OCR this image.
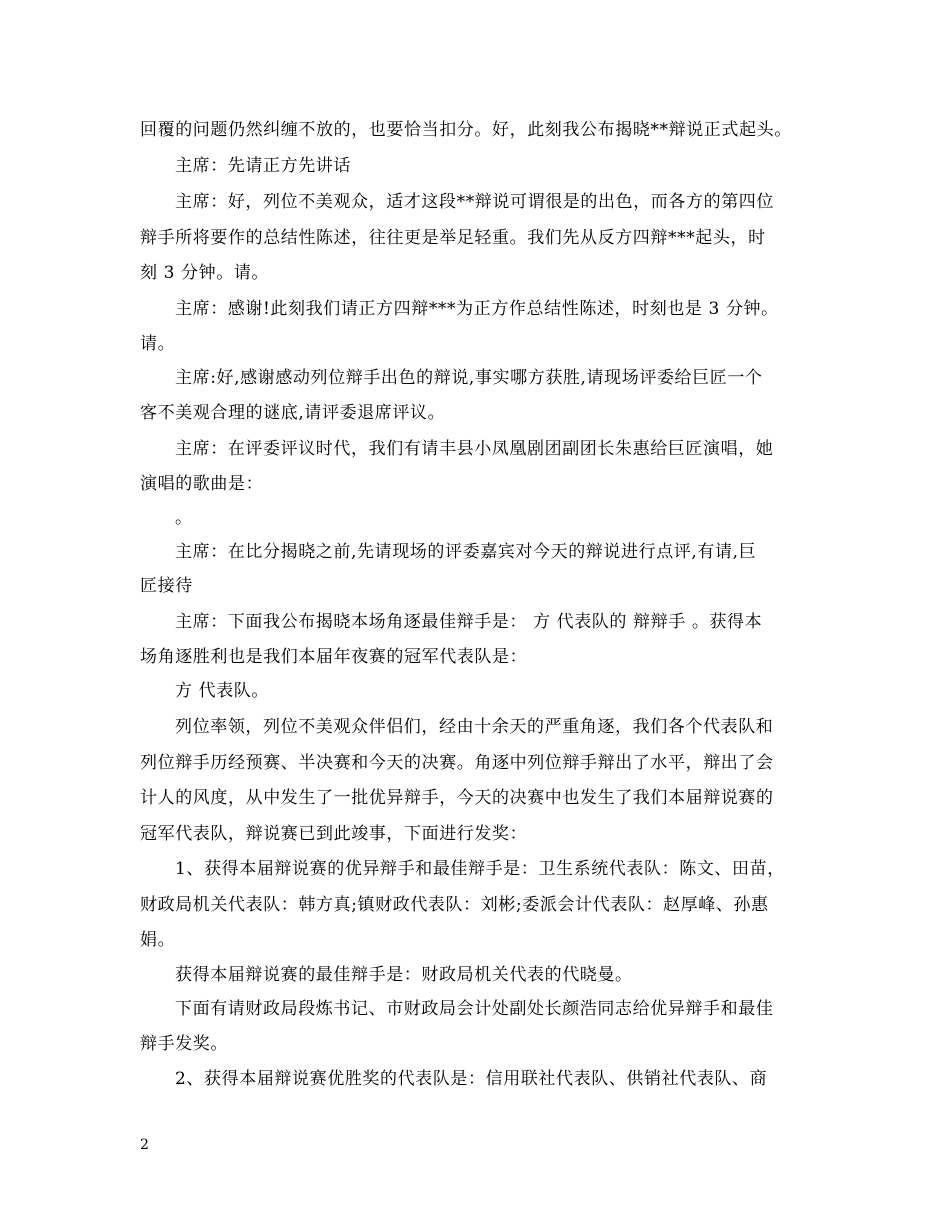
回覆的问题仍然纠缠不放的，也要恰当扣分。好，此刻我公布揭晓**辩说正式起头。
主席：先请正方先讲话
主席：好，列位不美观众，适才这段**辩说可谓很是的出色，而各方的第四位
辩手所将要作的总结性陈述，往往更是举足轻重。我们先从反方四辩***起头，时
刻 3 分钟。请。
主席：感谢!此刻我们请正方四辩***为正方作总结性陈述，时刻也是 3 分钟。
请。
主席:好,感谢感动列位辩手出色的辩说,事实哪方获胜,请现场评委给巨匠一个
客不美观合理的谜底,请评委退席评议。
主席：在评委评议时代，我们有请丰县小凤凰剧团副团长朱惠给巨匠演唱，她
演唱的歌曲是：
。
主席：在比分揭晓之前,先请现场的评委嘉宾对今天的辩说进行点评,有请,巨
匠接待
主席：下面我公布揭晓本场角逐最佳辩手是： 方 代表队的 辩辩手 。获得本
场角逐胜利也是我们本届年夜赛的冠军代表队是：
方 代表队。
列位率领，列位不美观众伴侣们，经由十余天的严重角逐，我们各个代表队和
列位辩手历经预赛、半决赛和今天的决赛。角逐中列位辩手辩出了水平，辩出了会
计人的风度，从中发生了一批优异辩手，今天的决赛中也发生了我们本届辩说赛的
冠军代表队，辩说赛已到此竣事，下面进行发奖：
1、获得本届辩说赛的优异辩手和最佳辩手是：卫生系统代表队：陈文、田苗，
财政局机关代表队：韩方真;镇财政代表队：刘彬;委派会计代表队：赵厚峰、孙惠
娟。
获得本届辩说赛的最佳辩手是：财政局机关代表的代晓曼。
下面有请财政局段炼书记、市财政局会计处副处长颜浩同志给优异辩手和最佳
辩手发奖。
2、获得本届辩说赛优胜奖的代表队是：信用联社代表队、供销社代表队、商
2
